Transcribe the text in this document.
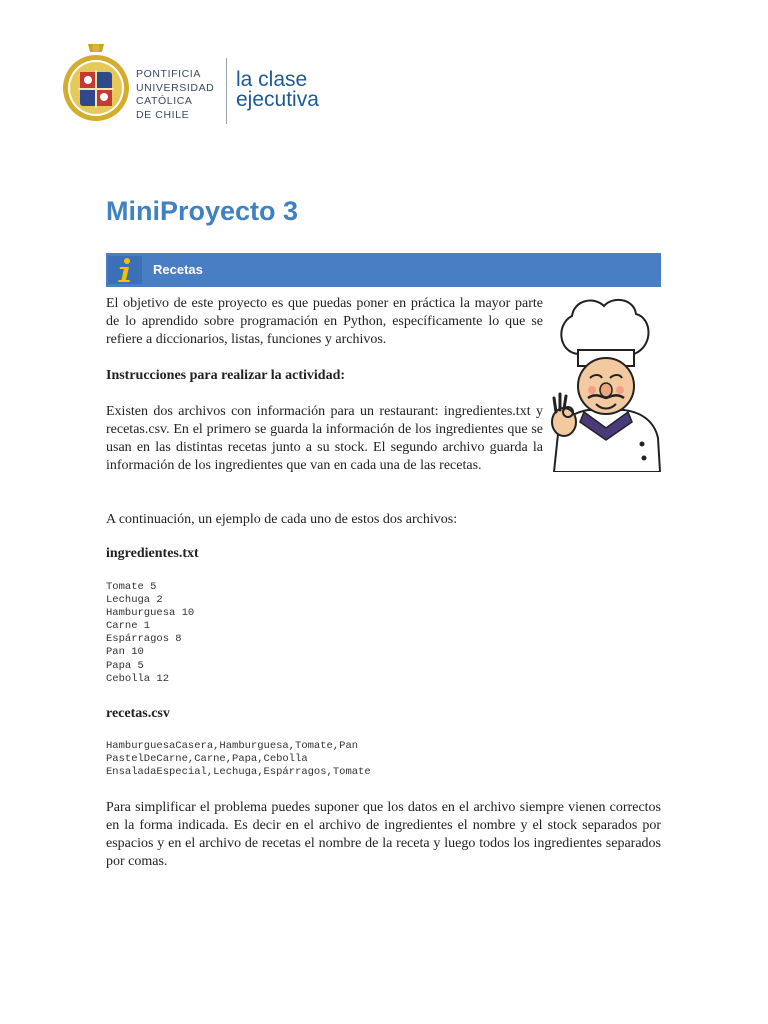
PONTIFICIA
UNIVERSIDAD
CATÓLICA
DE CHILE
la clase
ejecutiva
MiniProyecto 3
Recetas

El objetivo de este proyecto es que puedas poner en práctica la mayor parte de lo aprendido sobre programación en Python, específicamente lo que se refiere a diccionarios, listas, funciones y archivos.

Instrucciones para realizar la actividad:

Existen dos archivos con información para un restaurant: ingredientes.txt y recetas.csv. En el primero se guarda la información de los ingredientes que se usan en las distintas recetas junto a su stock. El segundo archivo guarda la información de los ingredientes que van en cada una de las recetas.

A continuación, un ejemplo de cada uno de estos dos archivos:

ingredientes.txt

Tomate 5
Lechuga 2
Hamburguesa 10
Carne 1
Espárragos 8
Pan 10
Papa 5
Cebolla 12

recetas.csv

HamburguesaCasera,Hamburguesa,Tomate,Pan
PastelDeCarne,Carne,Papa,Cebolla
EnsaladaEspecial,Lechuga,Espárragos,Tomate

Para simplificar el problema puedes suponer que los datos en el archivo siempre vienen correctos en la forma indicada. Es decir en el archivo de ingredientes el nombre y el stock separados por espacios y en el archivo de recetas el nombre de la receta y luego todos los ingredientes separados por comas.
